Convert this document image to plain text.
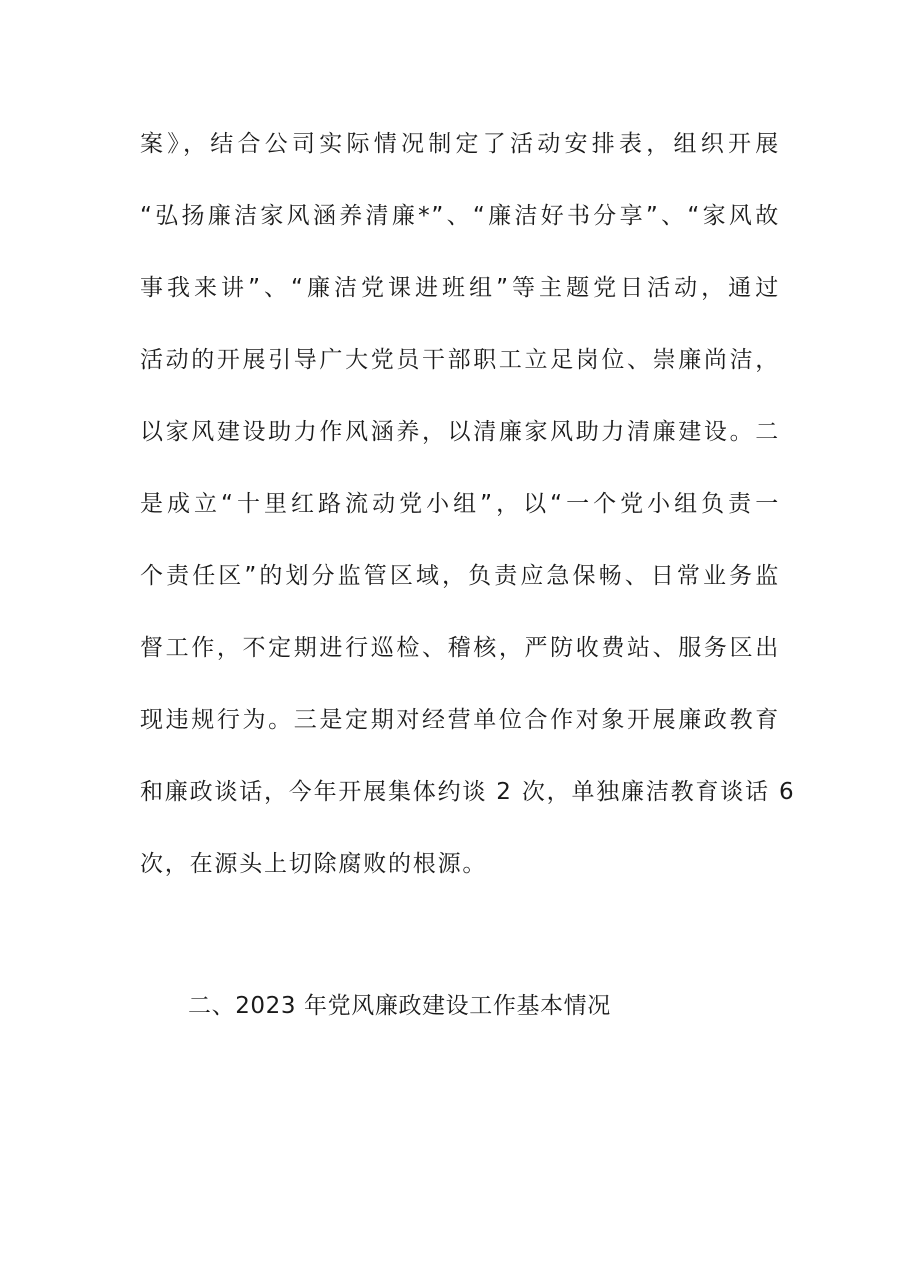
案》，结合公司实际情况制定了活动安排表，组织开展
“弘扬廉洁家风涵养清廉*”、“廉洁好书分享”、“家风故
事我来讲”、“廉洁党课进班组”等主题党日活动，通过
活动的开展引导广大党员干部职工立足岗位、崇廉尚洁，
以家风建设助力作风涵养，以清廉家风助力清廉建设。二
是成立“十里红路流动党小组”，以“一个党小组负责一
个责任区”的划分监管区域，负责应急保畅、日常业务监
督工作，不定期进行巡检、稽核，严防收费站、服务区出
现违规行为。三是定期对经营单位合作对象开展廉政教育
和廉政谈话，今年开展集体约谈 2 次，单独廉洁教育谈话 6
次，在源头上切除腐败的根源。
二、2023 年党风廉政建设工作基本情况
